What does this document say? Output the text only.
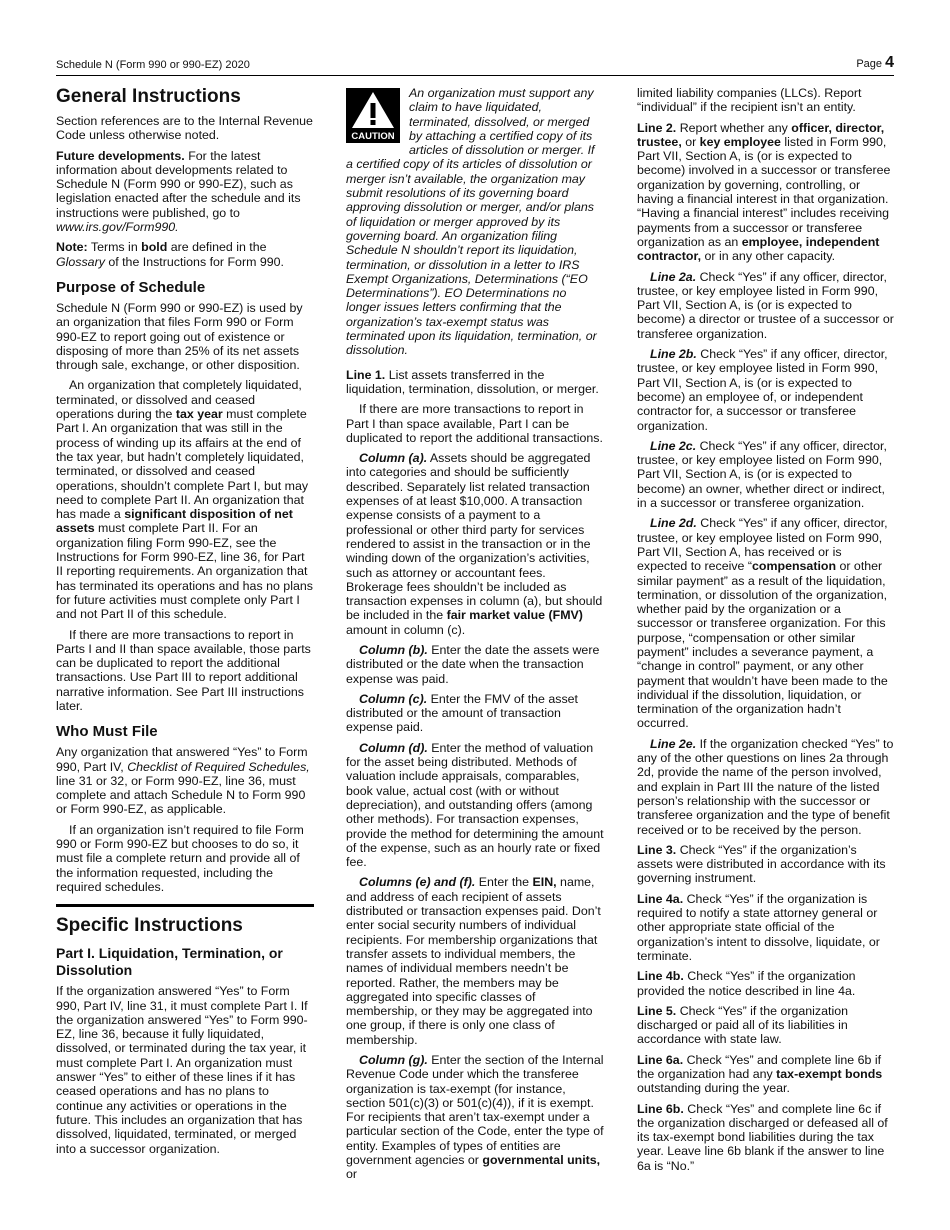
Schedule N (Form 990 or 990-EZ) 2020	Page 4
General Instructions

Section references are to the Internal Revenue Code unless otherwise noted.

Future developments. For the latest information about developments related to Schedule N (Form 990 or 990-EZ), such as legislation enacted after the schedule and its instructions were published, go to www.irs.gov/Form990.

Note: Terms in bold are defined in the Glossary of the Instructions for Form 990.

Purpose of Schedule

Schedule N (Form 990 or 990-EZ) is used by an organization that files Form 990 or Form 990-EZ to report going out of existence or disposing of more than 25% of its net assets through sale, exchange, or other disposition.

An organization that completely liquidated, terminated, or dissolved and ceased operations during the tax year must complete Part I. An organization that was still in the process of winding up its affairs at the end of the tax year, but hadn’t completely liquidated, terminated, or dissolved and ceased operations, shouldn’t complete Part I, but may need to complete Part II. An organization that has made a significant disposition of net assets must complete Part II. For an organization filing Form 990-EZ, see the Instructions for Form 990-EZ, line 36, for Part II reporting requirements. An organization that has terminated its operations and has no plans for future activities must complete only Part I and not Part II of this schedule.

If there are more transactions to report in Parts I and II than space available, those parts can be duplicated to report the additional transactions. Use Part III to report additional narrative information. See Part III instructions later.

Who Must File

Any organization that answered “Yes” to Form 990, Part IV, Checklist of Required Schedules, line 31 or 32, or Form 990-EZ, line 36, must complete and attach Schedule N to Form 990 or Form 990-EZ, as applicable.

If an organization isn’t required to file Form 990 or Form 990-EZ but chooses to do so, it must file a complete return and provide all of the information requested, including the required schedules.

Specific Instructions
Part I. Liquidation, Termination, or Dissolution

If the organization answered “Yes” to Form 990, Part IV, line 31, it must complete Part I. If the organization answered “Yes” to Form 990-EZ, line 36, because it fully liquidated, dissolved, or terminated during the tax year, it must complete Part I. An organization must answer “Yes” to either of these lines if it has ceased operations and has no plans to continue any activities or operations in the future. This includes an organization that has dissolved, liquidated, terminated, or merged into a successor organization.

CAUTION

An organization must support any claim to have liquidated, terminated, dissolved, or merged by attaching a certified copy of its articles of dissolution or merger. If a certified copy of its articles of dissolution or merger isn’t available, the organization may submit resolutions of its governing board approving dissolution or merger, and/or plans of liquidation or merger approved by its governing board. An organization filing Schedule N shouldn’t report its liquidation, termination, or dissolution in a letter to IRS Exempt Organizations, Determinations (“EO Determinations”). EO Determinations no longer issues letters confirming that the organization’s tax-exempt status was terminated upon its liquidation, termination, or dissolution.

Line 1. List assets transferred in the liquidation, termination, dissolution, or merger.

If there are more transactions to report in Part I than space available, Part I can be duplicated to report the additional transactions.

Column (a). Assets should be aggregated into categories and should be sufficiently described. Separately list related transaction expenses of at least $10,000. A transaction expense consists of a payment to a professional or other third party for services rendered to assist in the transaction or in the winding down of the organization’s activities, such as attorney or accountant fees. Brokerage fees shouldn’t be included as transaction expenses in column (a), but should be included in the fair market value (FMV) amount in column (c).

Column (b). Enter the date the assets were distributed or the date when the transaction expense was paid.

Column (c). Enter the FMV of the asset distributed or the amount of transaction expense paid.

Column (d). Enter the method of valuation for the asset being distributed. Methods of valuation include appraisals, comparables, book value, actual cost (with or without depreciation), and outstanding offers (among other methods). For transaction expenses, provide the method for determining the amount of the expense, such as an hourly rate or fixed fee.

Columns (e) and (f). Enter the EIN, name, and address of each recipient of assets distributed or transaction expenses paid. Don’t enter social security numbers of individual recipients. For membership organizations that transfer assets to individual members, the names of individual members needn’t be reported. Rather, the members may be aggregated into specific classes of membership, or they may be aggregated into one group, if there is only one class of membership.

Column (g). Enter the section of the Internal Revenue Code under which the transferee organization is tax-exempt (for instance, section 501(c)(3) or 501(c)(4)), if it is exempt. For recipients that aren’t tax-exempt under a particular section of the Code, enter the type of entity. Examples of types of entities are government agencies or governmental units, or

limited liability companies (LLCs). Report “individual” if the recipient isn’t an entity.

Line 2. Report whether any officer, director, trustee, or key employee listed in Form 990, Part VII, Section A, is (or is expected to become) involved in a successor or transferee organization by governing, controlling, or having a financial interest in that organization. “Having a financial interest” includes receiving payments from a successor or transferee organization as an employee, independent contractor, or in any other capacity.

Line 2a. Check “Yes” if any officer, director, trustee, or key employee listed in Form 990, Part VII, Section A, is (or is expected to become) a director or trustee of a successor or transferee organization.

Line 2b. Check “Yes” if any officer, director, trustee, or key employee listed in Form 990, Part VII, Section A, is (or is expected to become) an employee of, or independent contractor for, a successor or transferee organization.

Line 2c. Check “Yes” if any officer, director, trustee, or key employee listed on Form 990, Part VII, Section A, is (or is expected to become) an owner, whether direct or indirect, in a successor or transferee organization.

Line 2d. Check “Yes” if any officer, director, trustee, or key employee listed on Form 990, Part VII, Section A, has received or is expected to receive “compensation or other similar payment” as a result of the liquidation, termination, or dissolution of the organization, whether paid by the organization or a successor or transferee organization. For this purpose, “compensation or other similar payment” includes a severance payment, a “change in control” payment, or any other payment that wouldn’t have been made to the individual if the dissolution, liquidation, or termination of the organization hadn’t occurred.

Line 2e. If the organization checked “Yes” to any of the other questions on lines 2a through 2d, provide the name of the person involved, and explain in Part III the nature of the listed person’s relationship with the successor or transferee organization and the type of benefit received or to be received by the person.

Line 3. Check “Yes” if the organization’s assets were distributed in accordance with its governing instrument.

Line 4a. Check “Yes” if the organization is required to notify a state attorney general or other appropriate state official of the organization’s intent to dissolve, liquidate, or terminate.

Line 4b. Check “Yes” if the organization provided the notice described in line 4a.

Line 5. Check “Yes” if the organization discharged or paid all of its liabilities in accordance with state law.

Line 6a. Check “Yes” and complete line 6b if the organization had any tax-exempt bonds outstanding during the year.

Line 6b. Check “Yes” and complete line 6c if the organization discharged or defeased all of its tax-exempt bond liabilities during the tax year. Leave line 6b blank if the answer to line 6a is “No.”
